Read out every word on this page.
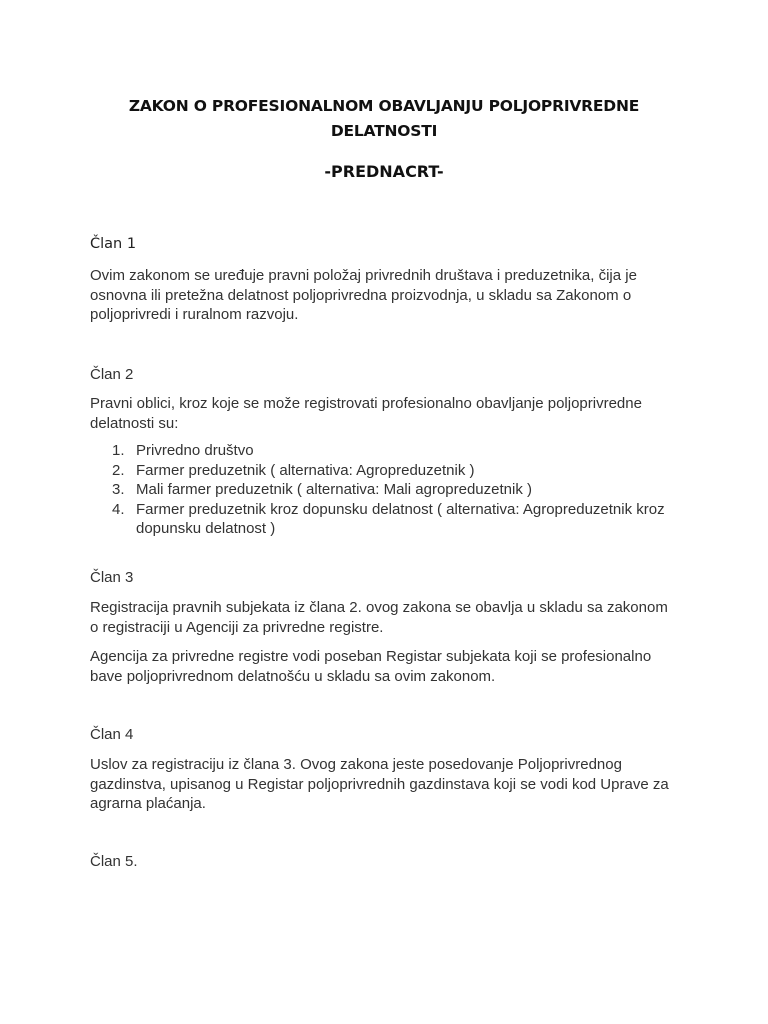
ZAKON O PROFESIONALNOM OBAVLJANJU POLJOPRIVREDNE
DELATNOSTI
-PREDNACRT-
Član 1

Ovim zakonom se uređuje pravni položaj privrednih društava i preduzetnika, čija je
osnovna ili pretežna delatnost poljoprivredna proizvodnja, u skladu sa Zakonom o
poljoprivredi i ruralnom razvoju.

Član 2

Pravni oblici, kroz koje se može registrovati profesionalno obavljanje poljoprivredne
delatnosti su:

1. Privredno društvo
2. Farmer preduzetnik ( alternativa: Agropreduzetnik )
3. Mali farmer preduzetnik ( alternativa: Mali agropreduzetnik )
4. Farmer preduzetnik kroz dopunsku delatnost ( alternativa: Agropreduzetnik kroz
dopunsku delatnost )
Član 3

Registracija pravnih subjekata iz člana 2. ovog zakona se obavlja u skladu sa zakonom
o registraciji u Agenciji za privredne registre.

Agencija za privredne registre vodi poseban Registar subjekata koji se profesionalno
bave poljoprivrednom delatnošću u skladu sa ovim zakonom.

Član 4

Uslov za registraciju iz člana 3. Ovog zakona jeste posedovanje Poljoprivrednog
gazdinstva, upisanog u Registar poljoprivrednih gazdinstava koji se vodi kod Uprave za
agrarna plaćanja.

Član 5.
